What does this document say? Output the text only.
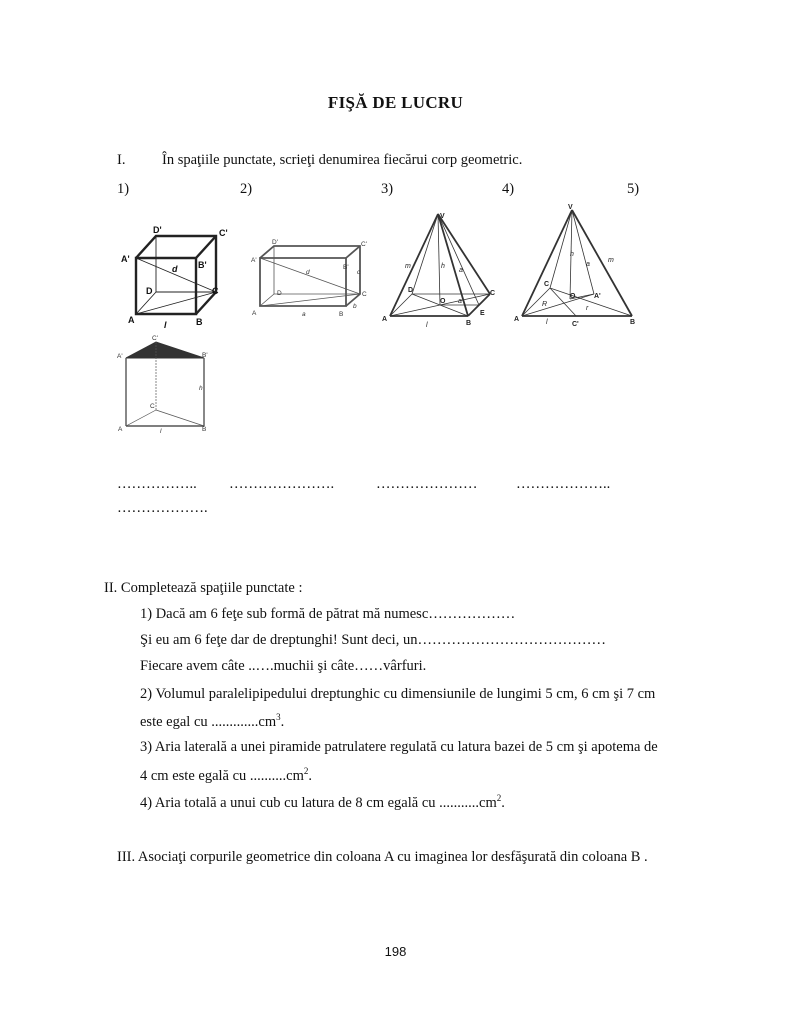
FIŞĂ DE LUCRU
I.	În spaţiile punctate, scrieţi denumirea fiecărui corp geometric.
1)	2)	3)	4)	5)
D'	C'
A'
B'
d
D	C
A	l	B
D'	C'
A'
B'
d	c
D	C
A	a	B
b
V
m	h
a
D	C
O a
A
l	B
E
V
m
a
h
C
O	A'
R
r
A	l	C'	B
A'
C'
B'
h
C
A	l	B
…………….. ………………….	…………………	………………..
……………….
II. Completează spaţiile punctate :
1) Dacă am 6 feţe sub formă de pătrat mă numesc………………
Şi eu am 6 feţe dar de dreptunghi! Sunt deci, un…………………………………
Fiecare avem câte ..….muchii şi câte……vârfuri.
2) Volumul paralelipipedului dreptunghic cu dimensiunile de lungimi 5 cm, 6 cm şi 7 cm
este egal cu $.............cm^3$.
3) Aria laterală a unei piramide patrulatere regulată cu latura bazei de 5 cm şi apotema de
4 cm este egală cu $..........cm^2$.
4) Aria totală a unui cub cu latura de 8 cm egală cu $...........cm^2$.
III. Asociaţi corpurile geometrice din coloana A cu imaginea lor desfăşurată din coloana B .
198
